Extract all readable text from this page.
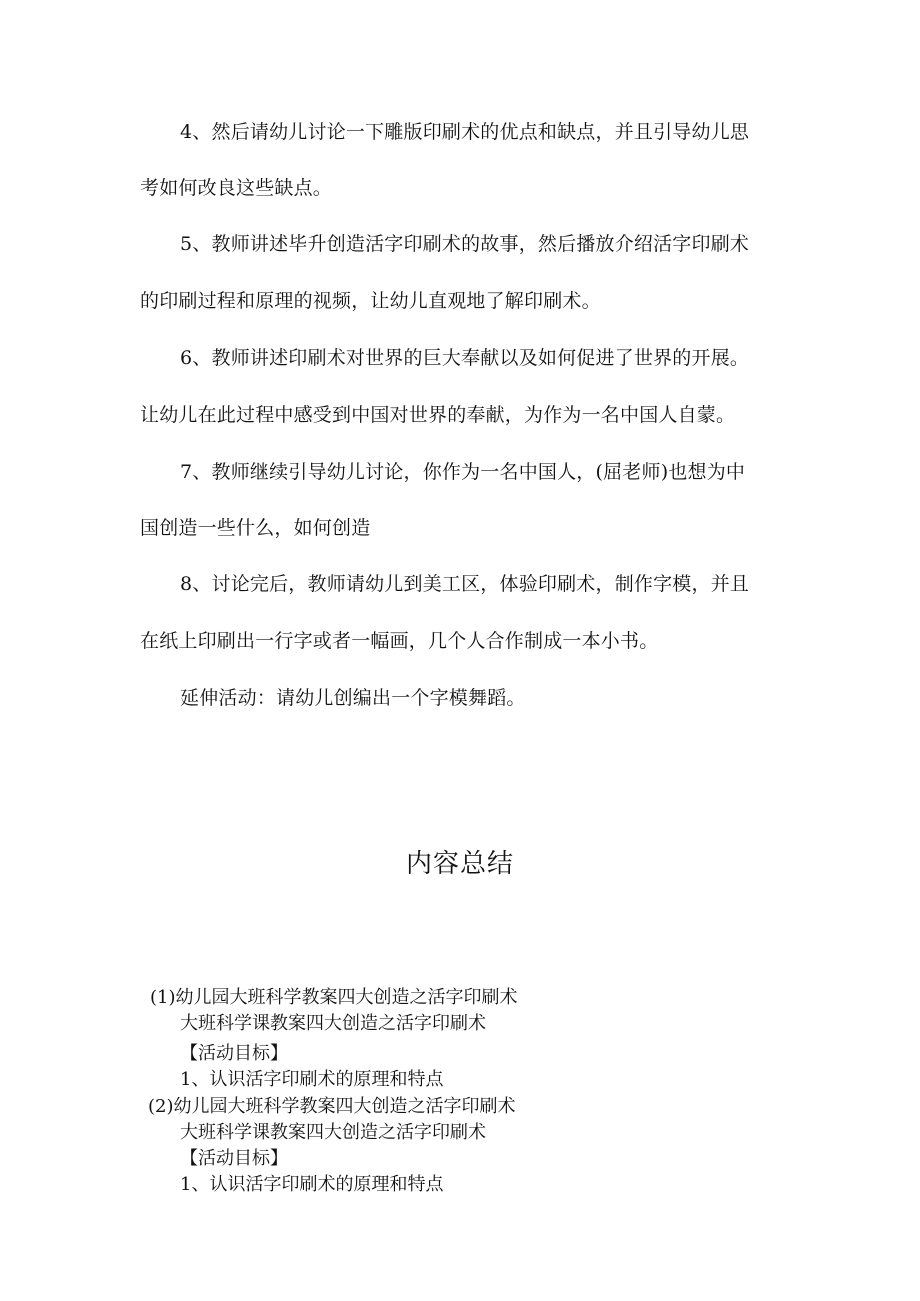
4、然后请幼儿讨论一下雕版印刷术的优点和缺点，并且引导幼儿思
考如何改良这些缺点。
5、教师讲述毕升创造活字印刷术的故事，然后播放介绍活字印刷术
的印刷过程和原理的视频，让幼儿直观地了解印刷术。
6、教师讲述印刷术对世界的巨大奉献以及如何促进了世界的开展。
让幼儿在此过程中感受到中国对世界的奉献，为作为一名中国人自蒙。
7、教师继续引导幼儿讨论，你作为一名中国人，(屈老师)也想为中
国创造一些什么，如何创造
8、讨论完后，教师请幼儿到美工区，体验印刷术，制作字模，并且
在纸上印刷出一行字或者一幅画，几个人合作制成一本小书。
延伸活动：请幼儿创编出一个字模舞蹈。
内容总结
(1)幼儿园大班科学教案四大创造之活字印刷术
大班科学课教案四大创造之活字印刷术
【活动目标】
1、认识活字印刷术的原理和特点
(2)幼儿园大班科学教案四大创造之活字印刷术
大班科学课教案四大创造之活字印刷术
【活动目标】
1、认识活字印刷术的原理和特点
